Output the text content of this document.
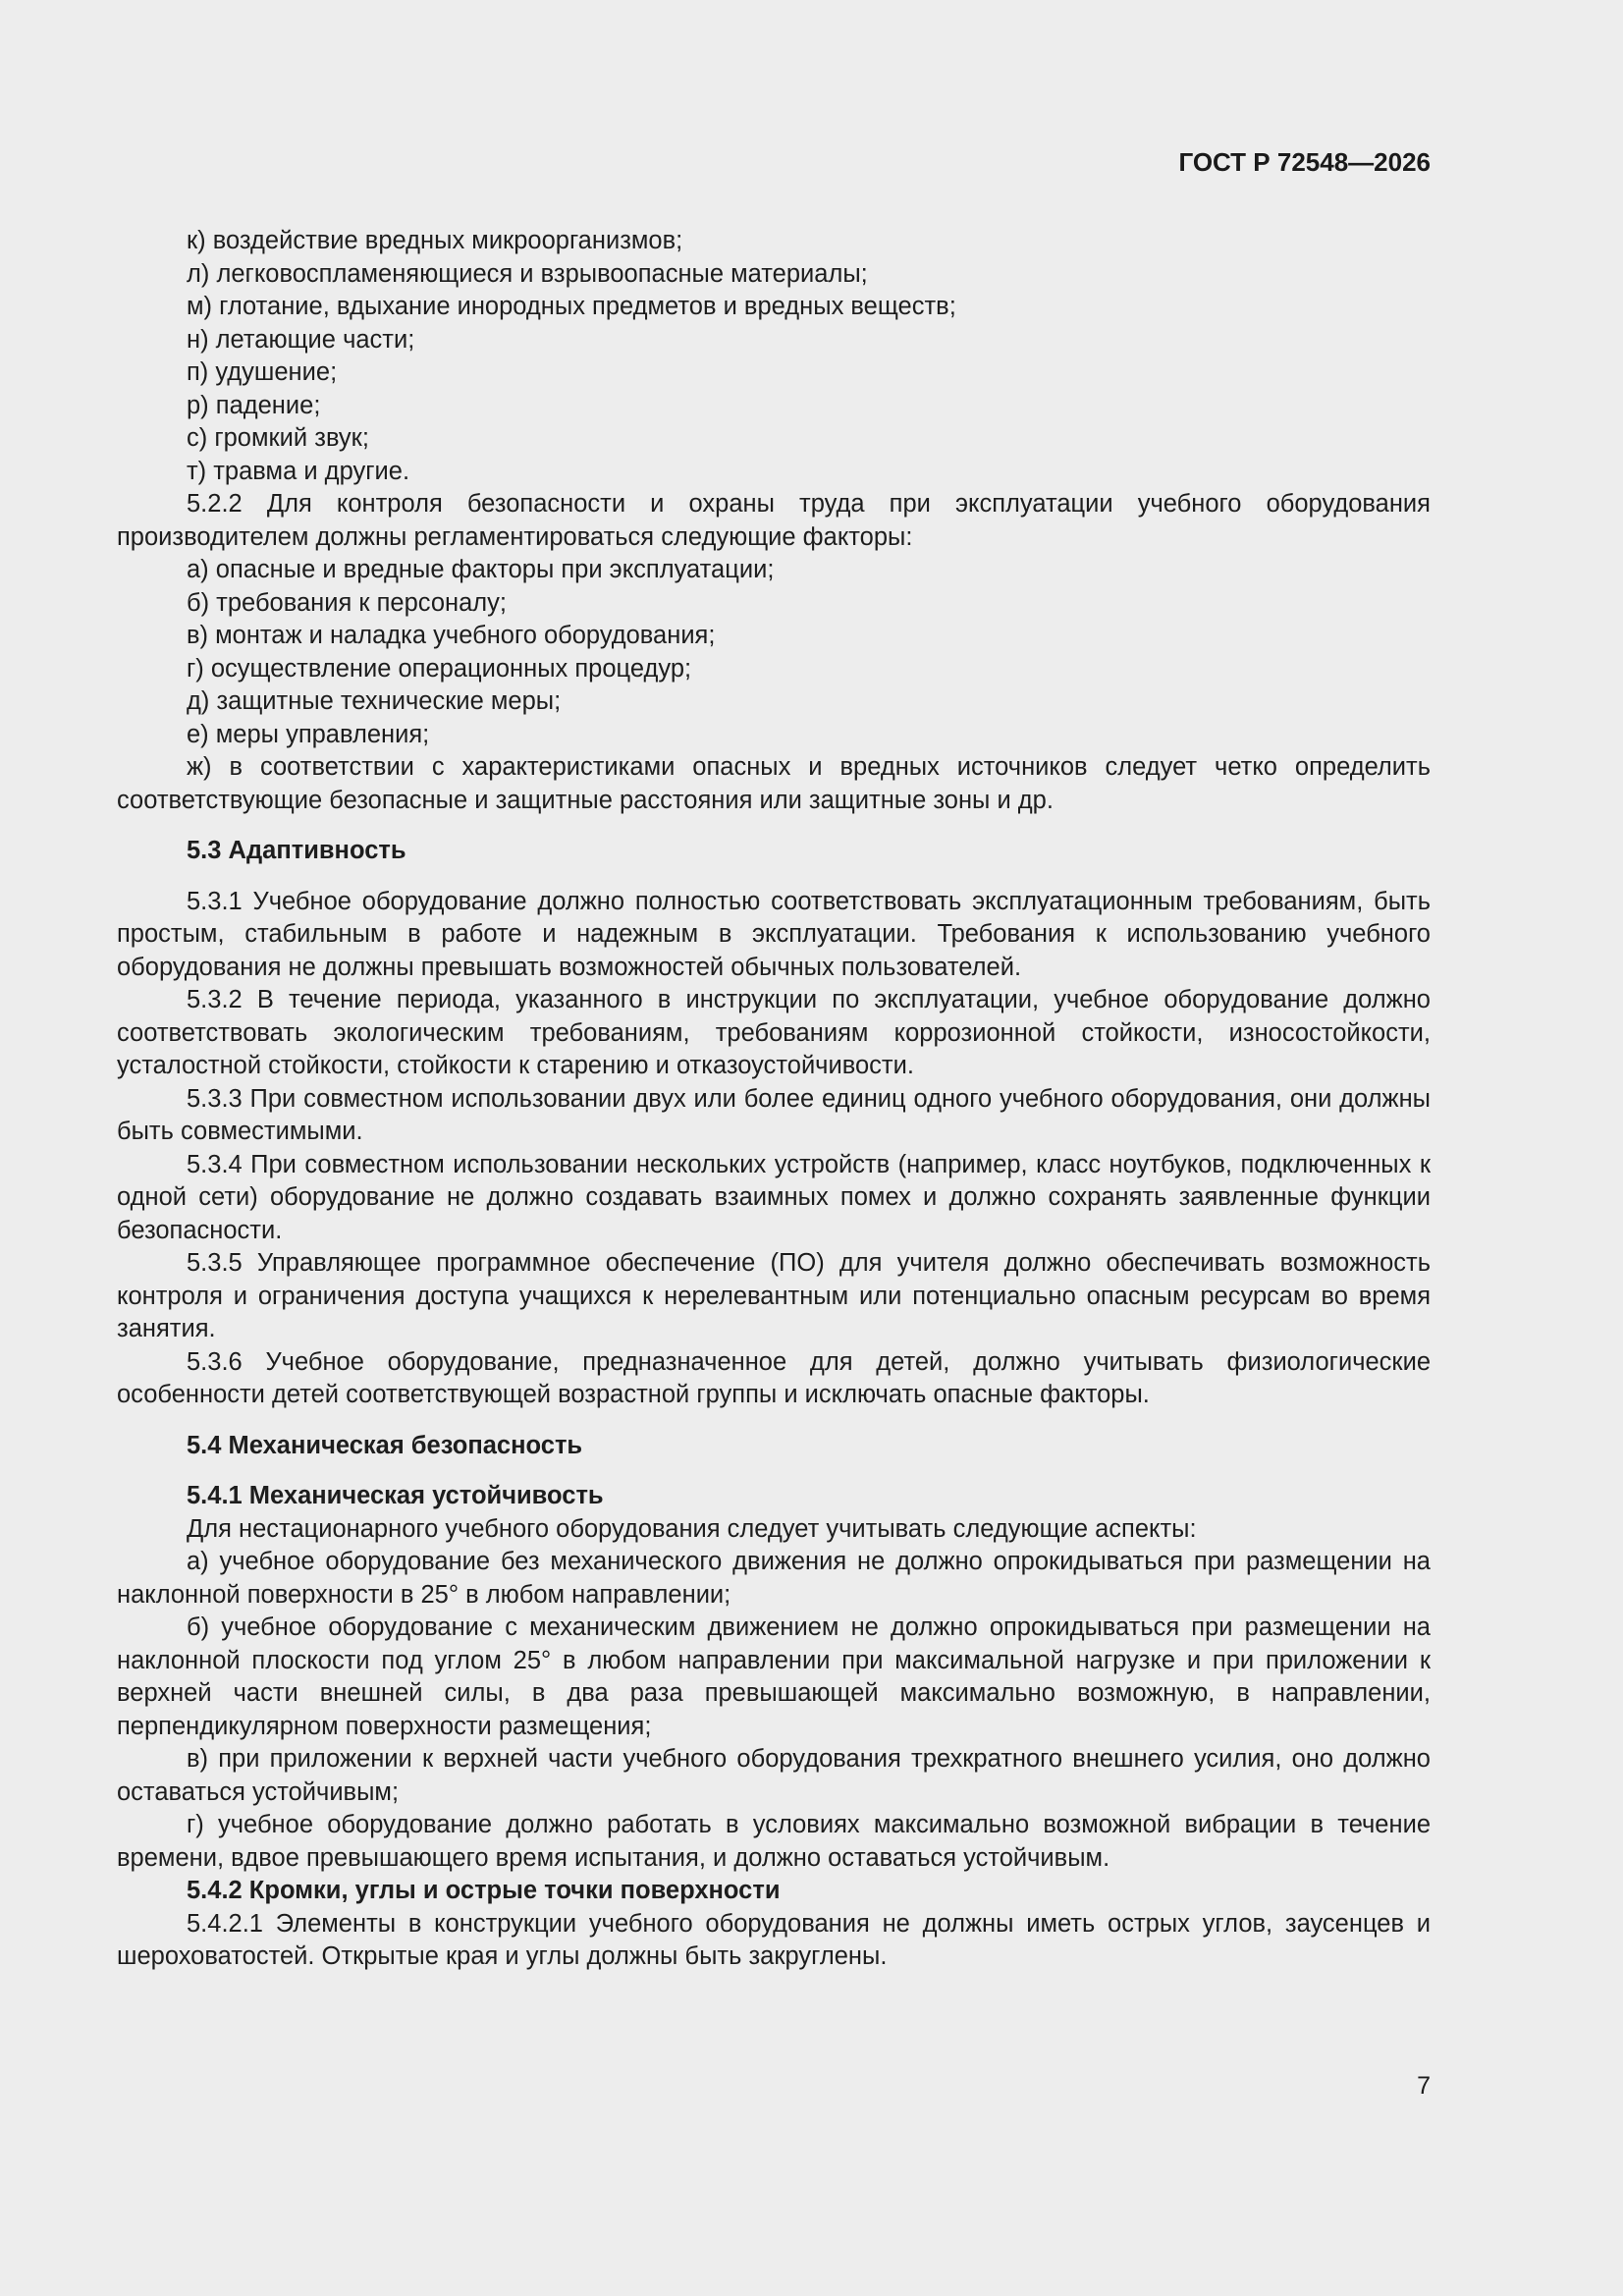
ГОСТ Р 72548—2026

к) воздействие вредных микроорганизмов;

л) легковоспламеняющиеся и взрывоопасные материалы;

м) глотание, вдыхание инородных предметов и вредных веществ;

н) летающие части;

п) удушение;

р) падение;

с) громкий звук;

т) травма и другие.

5.2.2 Для контроля безопасности и охраны труда при эксплуатации учебного оборудования производителем должны регламентироваться следующие факторы:

а) опасные и вредные факторы при эксплуатации;

б) требования к персоналу;

в) монтаж и наладка учебного оборудования;

г) осуществление операционных процедур;

д) защитные технические меры;

е) меры управления;

ж) в соответствии с характеристиками опасных и вредных источников следует четко определить соответствующие безопасные и защитные расстояния или защитные зоны и др.

5.3 Адаптивность

5.3.1 Учебное оборудование должно полностью соответствовать эксплуатационным требованиям, быть простым, стабильным в работе и надежным в эксплуатации. Требования к использованию учебного оборудования не должны превышать возможностей обычных пользователей.

5.3.2 В течение периода, указанного в инструкции по эксплуатации, учебное оборудование должно соответствовать экологическим требованиям, требованиям коррозионной стойкости, износостойкости, усталостной стойкости, стойкости к старению и отказоустойчивости.

5.3.3 При совместном использовании двух или более единиц одного учебного оборудования, они должны быть совместимыми.

5.3.4 При совместном использовании нескольких устройств (например, класс ноутбуков, подключенных к одной сети) оборудование не должно создавать взаимных помех и должно сохранять заявленные функции безопасности.

5.3.5 Управляющее программное обеспечение (ПО) для учителя должно обеспечивать возможность контроля и ограничения доступа учащихся к нерелевантным или потенциально опасным ресурсам во время занятия.

5.3.6 Учебное оборудование, предназначенное для детей, должно учитывать физиологические особенности детей соответствующей возрастной группы и исключать опасные факторы.

5.4 Механическая безопасность

5.4.1 Механическая устойчивость

Для нестационарного учебного оборудования следует учитывать следующие аспекты:

а) учебное оборудование без механического движения не должно опрокидываться при размещении на наклонной поверхности в 25° в любом направлении;

б) учебное оборудование с механическим движением не должно опрокидываться при размещении на наклонной плоскости под углом 25° в любом направлении при максимальной нагрузке и при приложении к верхней части внешней силы, в два раза превышающей максимально возможную, в направлении, перпендикулярном поверхности размещения;

в) при приложении к верхней части учебного оборудования трехкратного внешнего усилия, оно должно оставаться устойчивым;

г) учебное оборудование должно работать в условиях максимально возможной вибрации в течение времени, вдвое превышающего время испытания, и должно оставаться устойчивым.

5.4.2 Кромки, углы и острые точки поверхности

5.4.2.1 Элементы в конструкции учебного оборудования не должны иметь острых углов, заусенцев и шероховатостей. Открытые края и углы должны быть закруглены.

7
